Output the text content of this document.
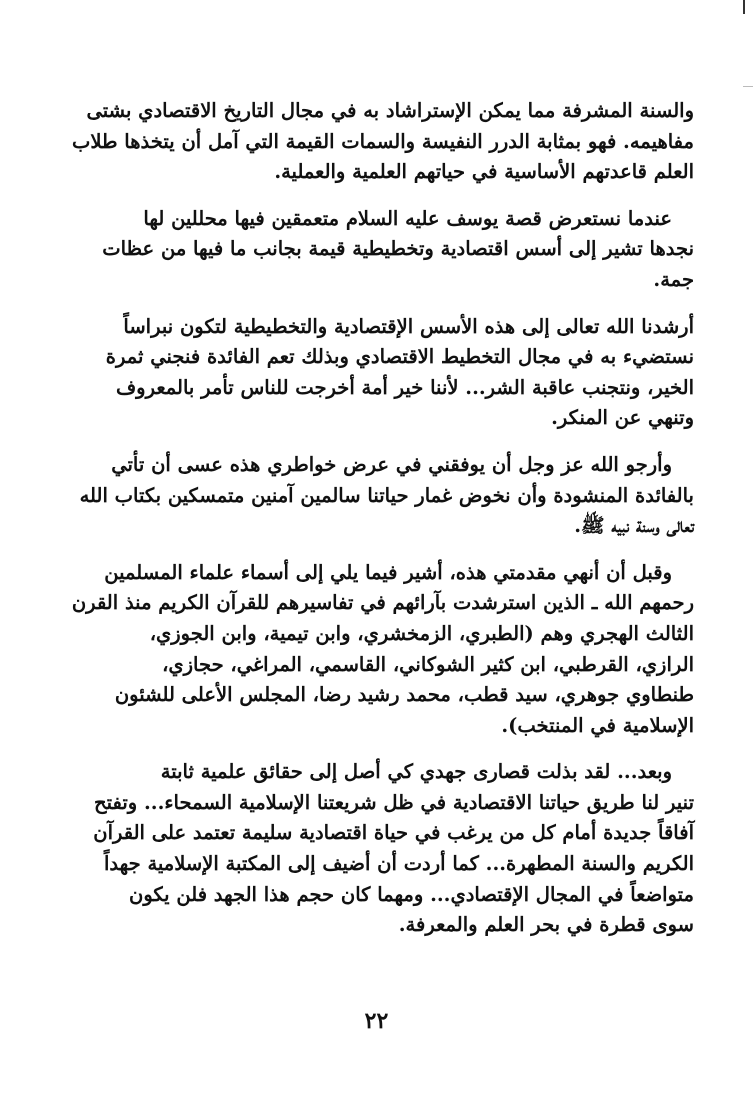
والسنة المشرفة مما يمكن الإستراشاد به في مجال التاريخ الاقتصادي بشتى
مفاهيمه. فهو بمثابة الدرر النفيسة والسمات القيمة التي آمل أن يتخذها طلاب
العلم قاعدتهم الأساسية في حياتهم العلمية والعملية.

عندما نستعرض قصة يوسف عليه السلام متعمقين فيها محللين لها
نجدها تشير إلى أسس اقتصادية وتخطيطية قيمة بجانب ما فيها من عظات
جمة.

أرشدنا الله تعالى إلى هذه الأسس الإقتصادية والتخطيطية لتكون نبراساً
نستضيء به في مجال التخطيط الاقتصادي وبذلك تعم الفائدة فنجني ثمرة
الخير، ونتجنب عاقبة الشر... لأننا خير أمة أخرجت للناس تأمر بالمعروف
وتنهي عن المنكر.

وأرجو الله عز وجل أن يوفقني في عرض خواطري هذه عسى أن تأتي
بالفائدة المنشودة وأن نخوض غمار حياتنا سالمين آمنين متمسكين بكتاب الله
تعالى وسنة نبيه ﷺ.

وقبل أن أنهي مقدمتي هذه، أشير فيما يلي إلى أسماء علماء المسلمين
رحمهم الله ـ الذين استرشدت بآرائهم في تفاسيرهم للقرآن الكريم منذ القرن
الثالث الهجري وهم (الطبري، الزمخشري، وابن تيمية، وابن الجوزي،
الرازي، القرطبي، ابن كثير الشوكاني، القاسمي، المراغي، حجازي،
طنطاوي جوهري، سيد قطب، محمد رشيد رضا، المجلس الأعلى للشئون
الإسلامية في المنتخب).

وبعد... لقد بذلت قصارى جهدي كي أصل إلى حقائق علمية ثابتة
تنير لنا طريق حياتنا الاقتصادية في ظل شريعتنا الإسلامية السمحاء... وتفتح
آفاقاً جديدة أمام كل من يرغب في حياة اقتصادية سليمة تعتمد على القرآن
الكريم والسنة المطهرة... كما أردت أن أضيف إلى المكتبة الإسلامية جهداً
متواضعاً في المجال الإقتصادي... ومهما كان حجم هذا الجهد فلن يكون
سوى قطرة في بحر العلم والمعرفة.

٢٢
